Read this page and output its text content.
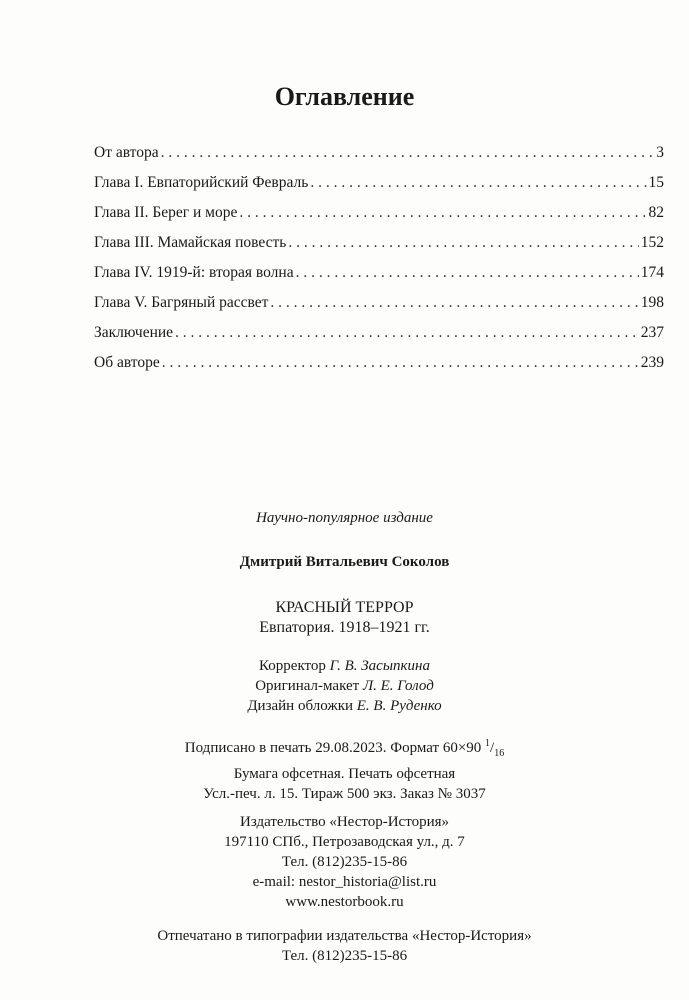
Оглавление
От автора . . .	3
Глава I. Евпаторийский Февраль . . .	15
Глава II. Берег и море . . .	82
Глава III. Мамайская повесть . . .	152
Глава IV. 1919-й: вторая волна . . .	174
Глава V. Багряный рассвет . . .	198
Заключение . . .	237
Об авторе . . .	239
Научно-популярное издание
Дмитрий Витальевич Соколов
КРАСНЫЙ ТЕРРОР
Евпатория. 1918–1921 гг.
Корректор Г. В. Засыпкина
Оригинал-макет Л. Е. Голод
Дизайн обложки Е. В. Руденко
Подписано в печать 29.08.2023. Формат 60×90 $^1/_{16}$
Бумага офсетная. Печать офсетная
Усл.-печ. л. 15. Тираж 500 экз. Заказ № 3037
Издательство «Нестор-История»
197110 СПб., Петрозаводская ул., д. 7
Тел. (812)235-15-86
e-mail: nestor_historia@list.ru
www.nestorbook.ru
Отпечатано в типографии издательства «Нестор-История»
Тел. (812)235-15-86
